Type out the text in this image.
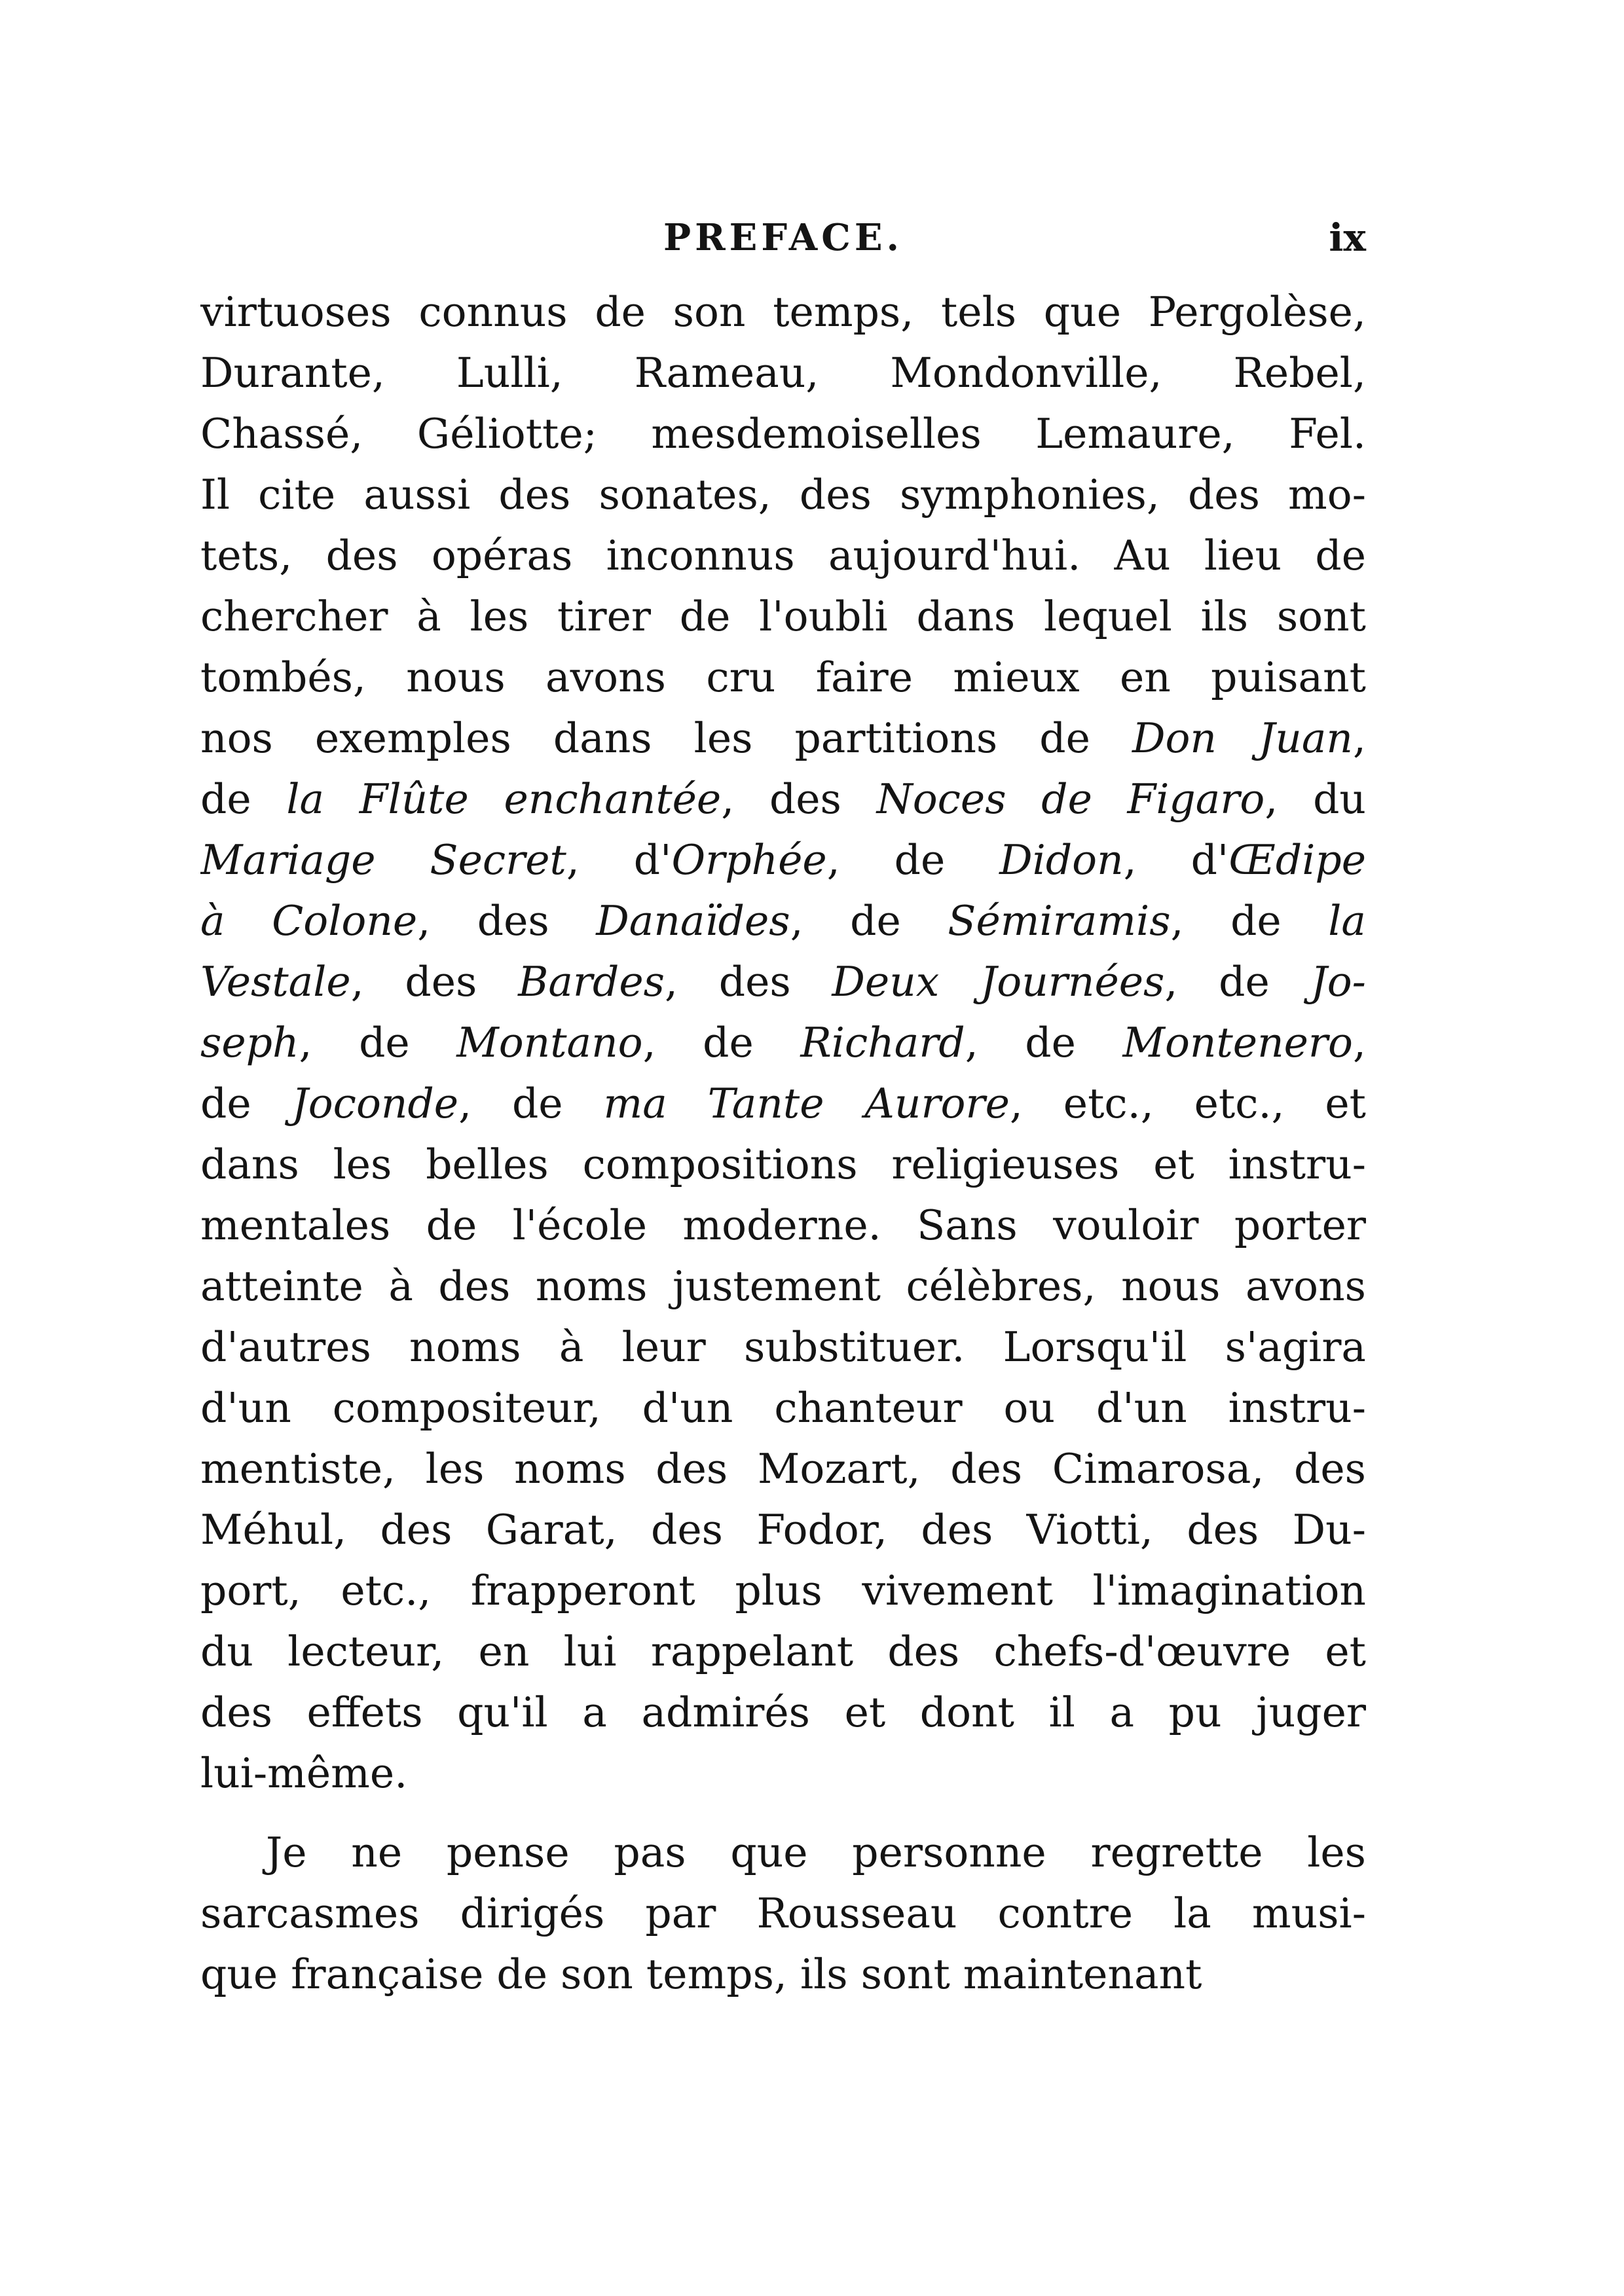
PREFACE.	ix
virtuoses connus de son temps, tels que Pergolèse,
Durante, Lulli, Rameau, Mondonville, Rebel,
Chassé, Géliotte; mesdemoiselles Lemaure, Fel.
Il cite aussi des sonates, des symphonies, des mo-
tets, des opéras inconnus aujourd'hui. Au lieu de
chercher à les tirer de l'oubli dans lequel ils sont
tombés, nous avons cru faire mieux en puisant
nos exemples dans les partitions de Don Juan,
de la Flûte enchantée, des Noces de Figaro, du
Mariage Secret, d'Orphée, de Didon, d'Œdipe
à Colone, des Danaïdes, de Sémiramis, de la
Vestale, des Bardes, des Deux Journées, de Jo-
seph, de Montano, de Richard, de Montenero,
de Joconde, de ma Tante Aurore, etc., etc., et
dans les belles compositions religieuses et instru-
mentales de l'école moderne. Sans vouloir porter
atteinte à des noms justement célèbres, nous avons
d'autres noms à leur substituer. Lorsqu'il s'agira
d'un compositeur, d'un chanteur ou d'un instru-
mentiste, les noms des Mozart, des Cimarosa, des
Méhul, des Garat, des Fodor, des Viotti, des Du-
port, etc., frapperont plus vivement l'imagination
du lecteur, en lui rappelant des chefs-d'œuvre et
des effets qu'il a admirés et dont il a pu juger
lui-même.
Je ne pense pas que personne regrette les
sarcasmes dirigés par Rousseau contre la musi-
que française de son temps, ils sont maintenant
